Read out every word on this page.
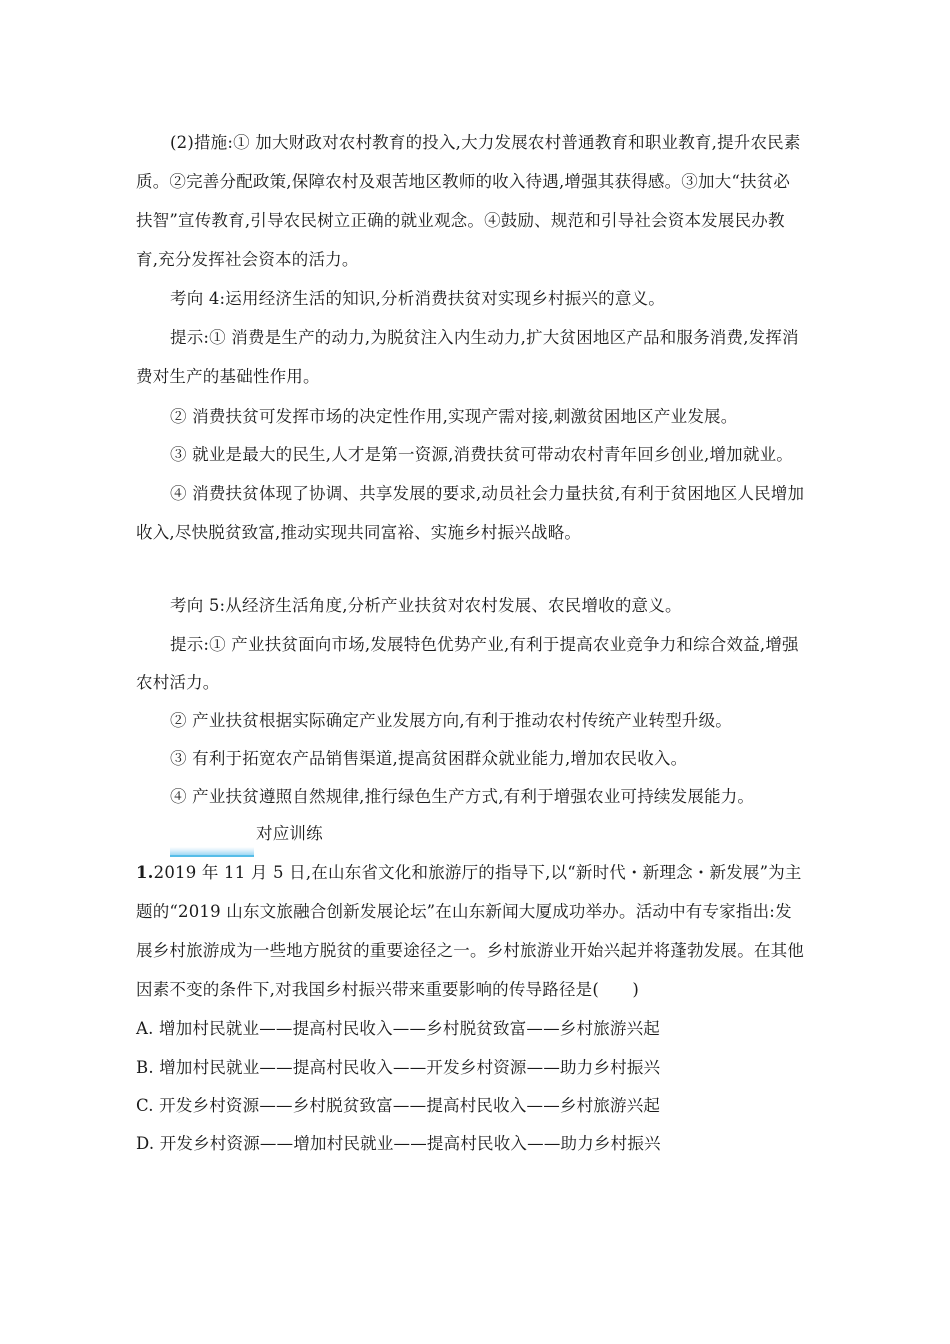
(2)措施:① 加大财政对农村教育的投入,大力发展农村普通教育和职业教育,提升农民素
质。②完善分配政策,保障农村及艰苦地区教师的收入待遇,增强其获得感。③加大“扶贫必
扶智”宣传教育,引导农民树立正确的就业观念。④鼓励、规范和引导社会资本发展民办教
育,充分发挥社会资本的活力。
考向 4:运用经济生活的知识,分析消费扶贫对实现乡村振兴的意义。
提示:① 消费是生产的动力,为脱贫注入内生动力,扩大贫困地区产品和服务消费,发挥消
费对生产的基础性作用。
② 消费扶贫可发挥市场的决定性作用,实现产需对接,刺激贫困地区产业发展。
③ 就业是最大的民生,人才是第一资源,消费扶贫可带动农村青年回乡创业,增加就业。
④ 消费扶贫体现了协调、共享发展的要求,动员社会力量扶贫,有利于贫困地区人民增加
收入,尽快脱贫致富,推动实现共同富裕、实施乡村振兴战略。
考向 5:从经济生活角度,分析产业扶贫对农村发展、农民增收的意义。
提示:① 产业扶贫面向市场,发展特色优势产业,有利于提高农业竞争力和综合效益,增强
农村活力。
② 产业扶贫根据实际确定产业发展方向,有利于推动农村传统产业转型升级。
③ 有利于拓宽农产品销售渠道,提高贫困群众就业能力,增加农民收入。
④ 产业扶贫遵照自然规律,推行绿色生产方式,有利于增强农业可持续发展能力。
对应训练
1.2019 年 11 月 5 日,在山东省文化和旅游厅的指导下,以“新时代・新理念・新发展”为主
题的“2019 山东文旅融合创新发展论坛”在山东新闻大厦成功举办。活动中有专家指出:发
展乡村旅游成为一些地方脱贫的重要途径之一。乡村旅游业开始兴起并将蓬勃发展。在其他
因素不变的条件下,对我国乡村振兴带来重要影响的传导路径是(　　)
A. 增加村民就业——提高村民收入——乡村脱贫致富——乡村旅游兴起
B. 增加村民就业——提高村民收入——开发乡村资源——助力乡村振兴
C. 开发乡村资源——乡村脱贫致富——提高村民收入——乡村旅游兴起
D. 开发乡村资源——增加村民就业——提高村民收入——助力乡村振兴
